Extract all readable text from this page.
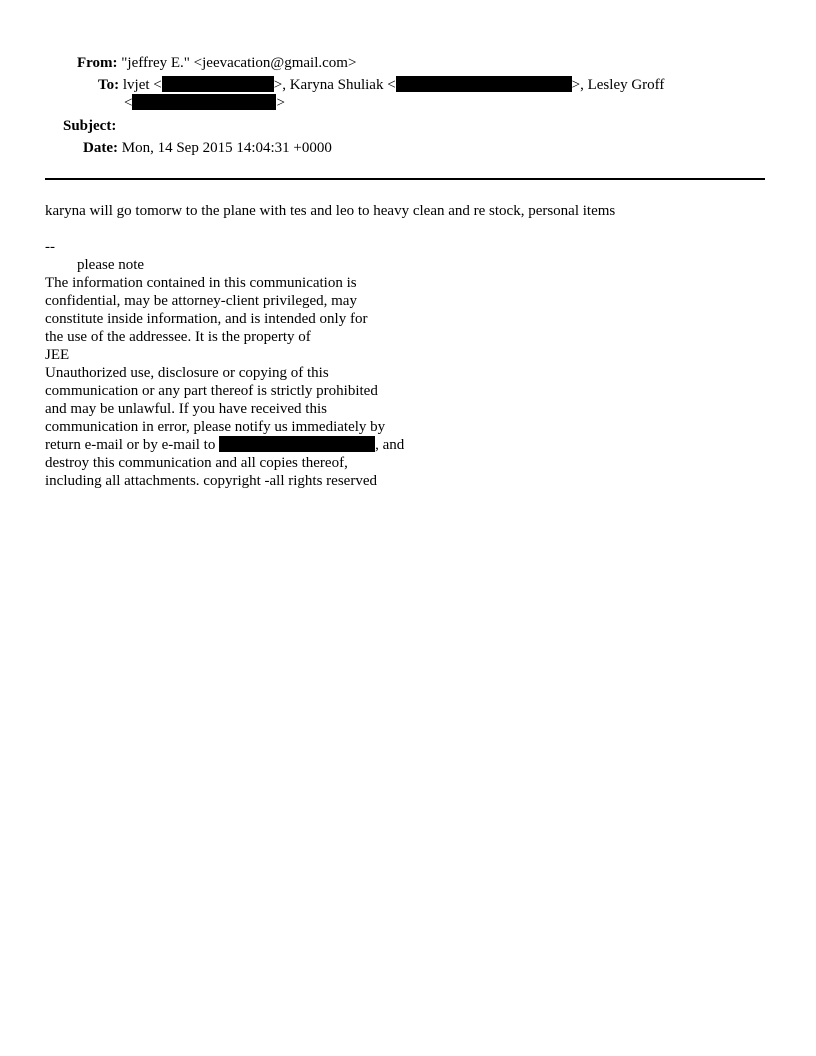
From: "jeffrey E." <jeevacation@gmail.com>
To: lvjet <	>, Karyna Shuliak <	>, Lesley Groff
<	>
Subject:
Date: Mon, 14 Sep 2015 14:04:31 +0000
karyna will go tomorw to the plane with tes and leo to heavy clean and re stock, personal items
--
please note
The information contained in this communication is
confidential, may be attorney-client privileged, may
constitute inside information, and is intended only for
the use of the addressee. It is the property of
JEE
Unauthorized use, disclosure or copying of this
communication or any part thereof is strictly prohibited
and may be unlawful. If you have received this
communication in error, please notify us immediately by
return e-mail or by e-mail to	, and
destroy this communication and all copies thereof,
including all attachments. copyright -all rights reserved
